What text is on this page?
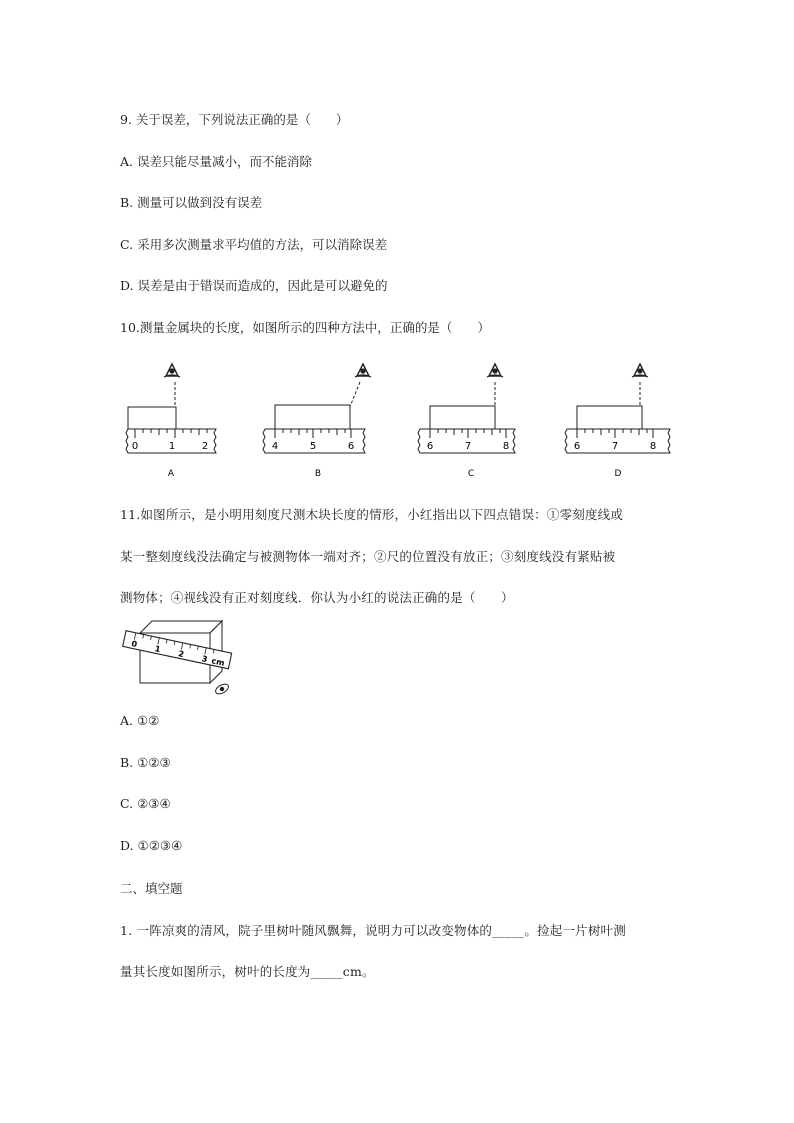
9. 关于误差，下列说法正确的是（　　）
A. 误差只能尽量减小，而不能消除
B. 测量可以做到没有误差
C. 采用多次测量求平均值的方法，可以消除误差
D. 误差是由于错误而造成的，因此是可以避免的
10.测量金属块的长度，如图所示的四种方法中，正确的是（　　）
0	1	2
A
4	5	6
B
6	7	8
C
6	7	8
D
11.如图所示，是小明用刻度尺测木块长度的情形，小红指出以下四点错误：①零刻度线或
某一整刻度线没法确定与被测物体一端对齐；②尺的位置没有放正；③刻度线没有紧贴被
测物体；④视线没有正对刻度线．你认为小红的说法正确的是（　　）
0
1
2
3 cm
A. ①②
B. ①②③
C. ②③④
D. ①②③④
二、填空题
1. 一阵凉爽的清风，院子里树叶随风飘舞，说明力可以改变物体的_____。捡起一片树叶测
量其长度如图所示，树叶的长度为_____cm。
